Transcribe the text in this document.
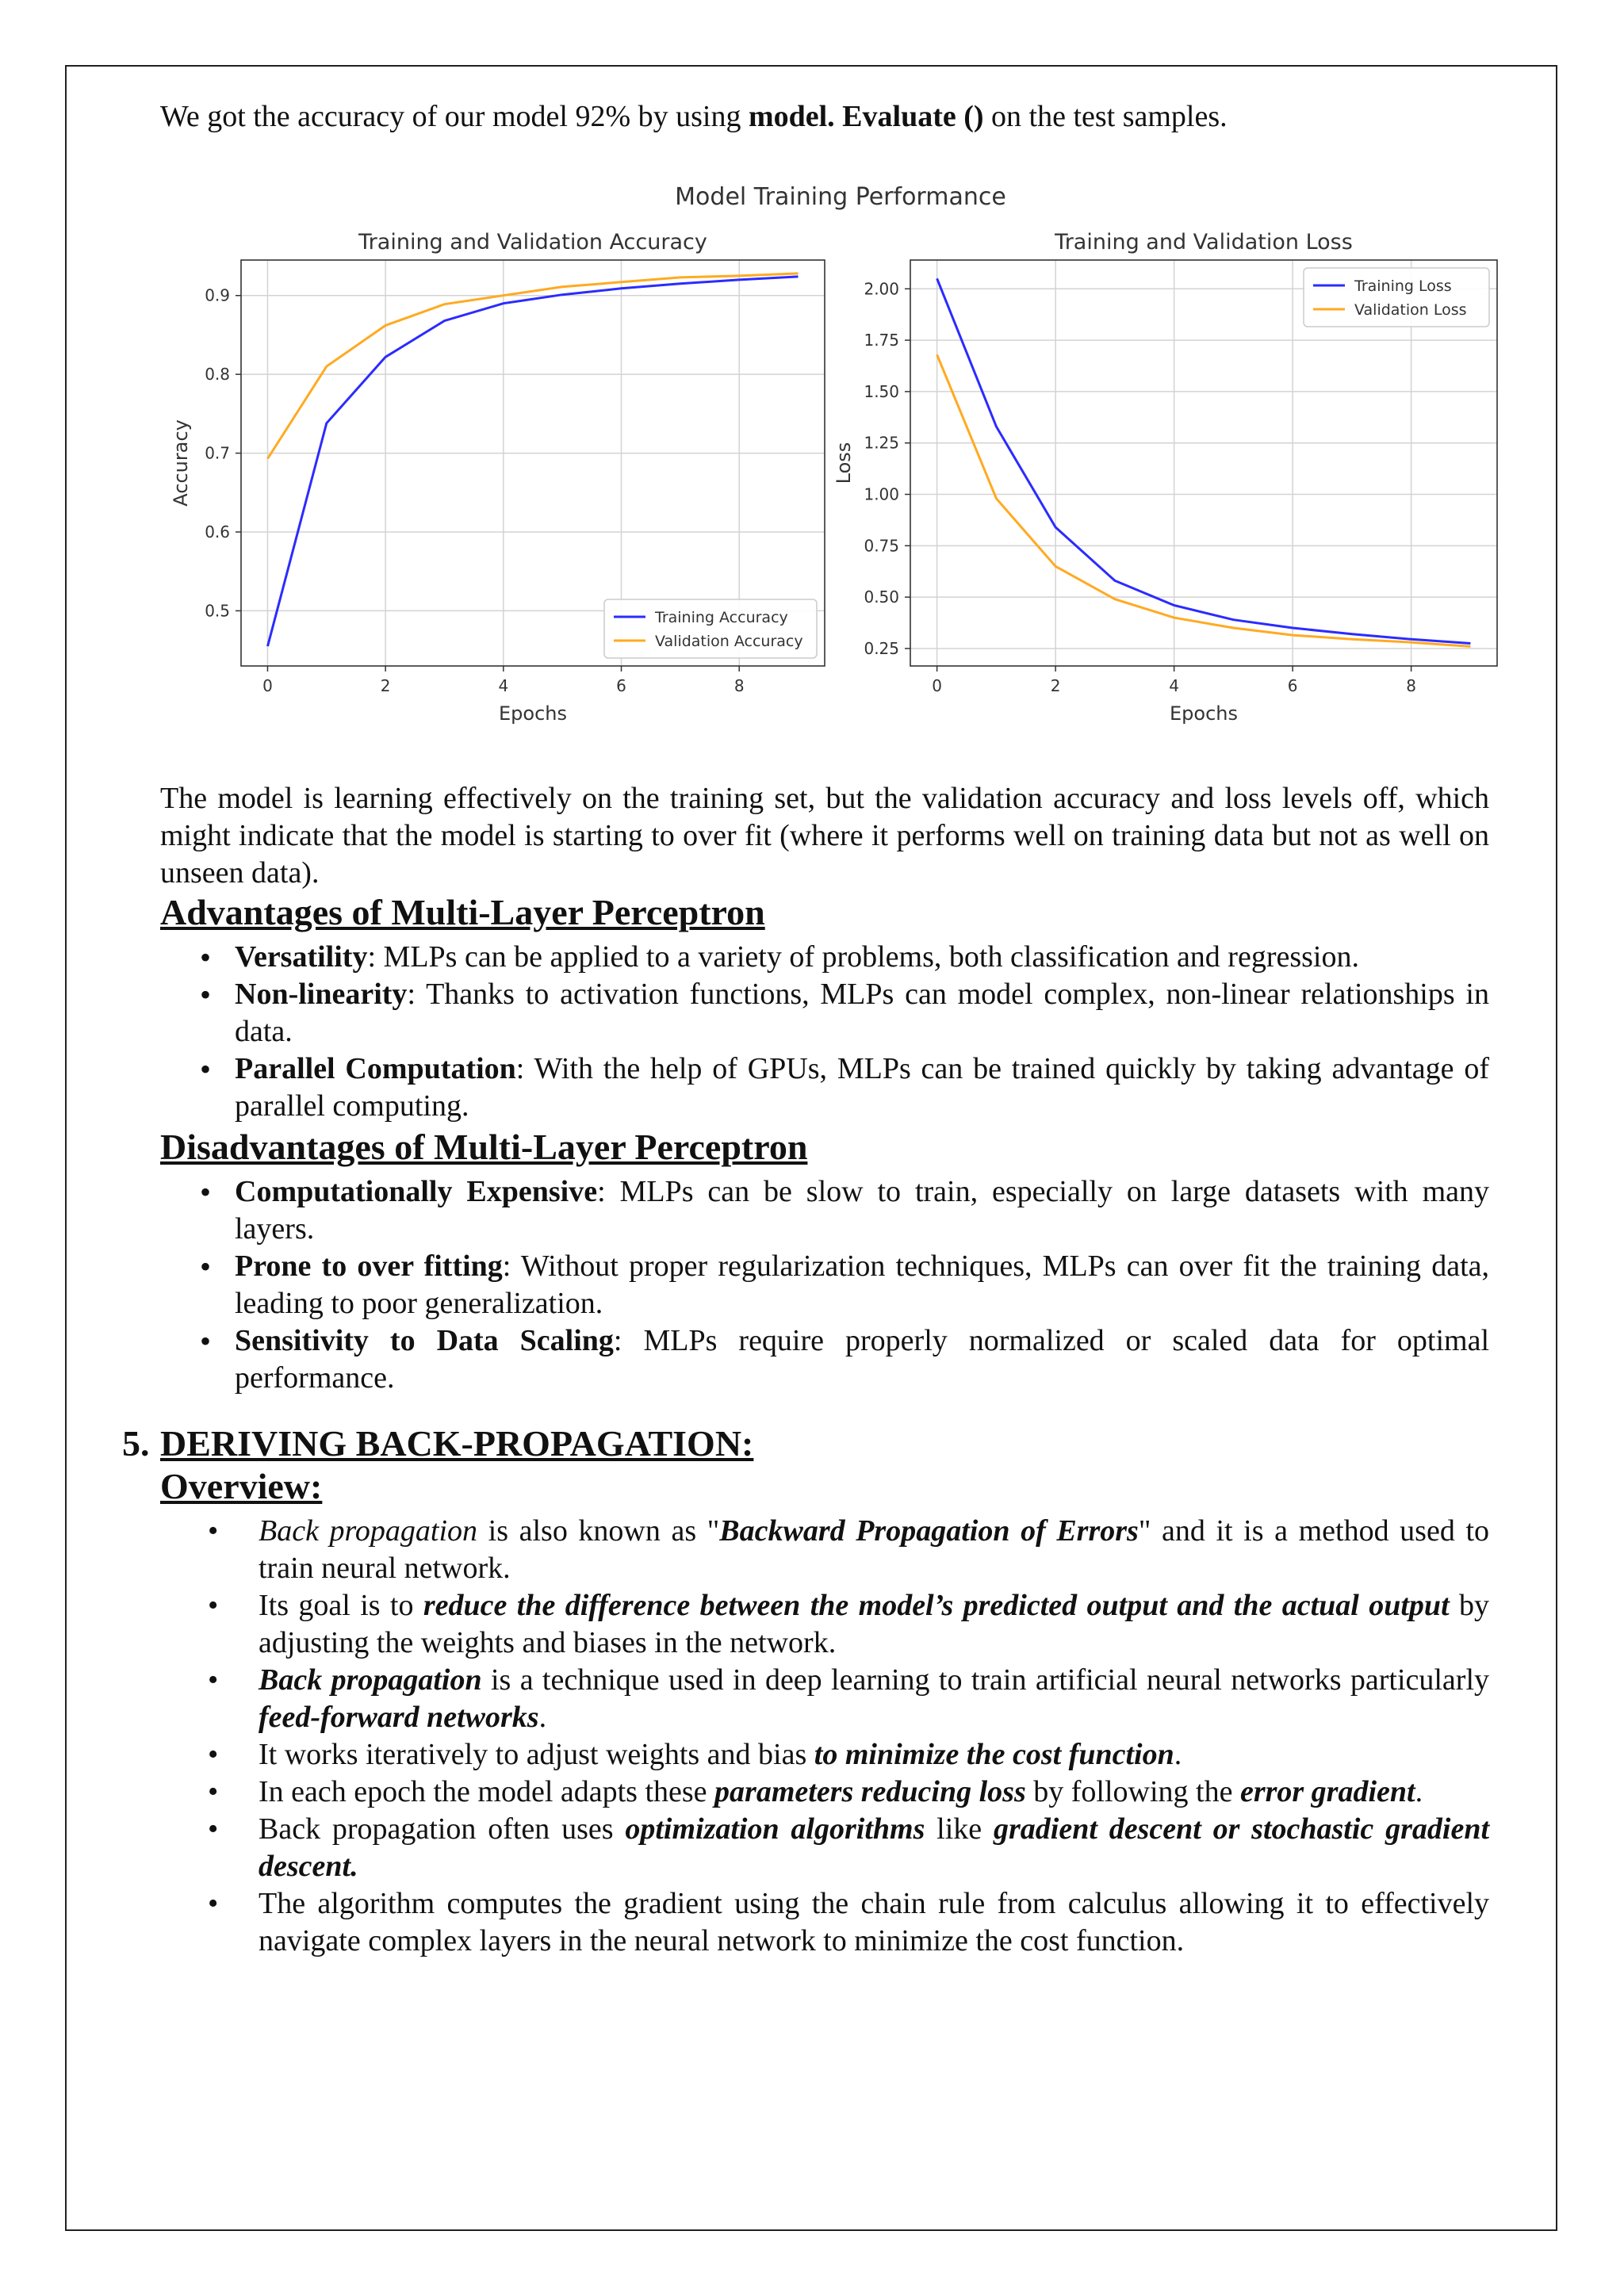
We got the accuracy of our model 92% by using model. Evaluate () on the test samples.

Model Training Performance
0	2	4	6	8
0.5
0.6
0.7
0.8
0.9
Training and Validation Accuracy
Epochs
Accuracy
Training Accuracy
Validation Accuracy
0	2	4	6	8
0.25
0.50
0.75
1.00
1.25
1.50
1.75
2.00
Training and Validation Loss
Epochs
Loss
Training Loss
Validation Loss

The model is learning effectively on the training set, but the validation accuracy and loss levels off, which might indicate that the model is starting to over fit (where it performs well on training data but not as well on unseen data).

Advantages of Multi-Layer Perceptron
• Versatility: MLPs can be applied to a variety of problems, both classification and regression.
• Non-linearity: Thanks to activation functions, MLPs can model complex, non-linear relationships in data.
• Parallel Computation: With the help of GPUs, MLPs can be trained quickly by taking advantage of parallel computing.
Disadvantages of Multi-Layer Perceptron
• Computationally Expensive: MLPs can be slow to train, especially on large datasets with many layers.
• Prone to over fitting: Without proper regularization techniques, MLPs can over fit the training data, leading to poor generalization.
• Sensitivity to Data Scaling: MLPs require properly normalized or scaled data for optimal performance.
5. DERIVING BACK-PROPAGATION:
Overview:
• Back propagation is also known as "Backward Propagation of Errors" and it is a method used to train neural network.
• Its goal is to reduce the difference between the model’s predicted output and the actual output by adjusting the weights and biases in the network.
• Back propagation is a technique used in deep learning to train artificial neural networks particularly feed-forward networks.
• It works iteratively to adjust weights and bias to minimize the cost function.
• In each epoch the model adapts these parameters reducing loss by following the error gradient.
• Back propagation often uses optimization algorithms like gradient descent or stochastic gradient descent.
• The algorithm computes the gradient using the chain rule from calculus allowing it to effectively navigate complex layers in the neural network to minimize the cost function.
